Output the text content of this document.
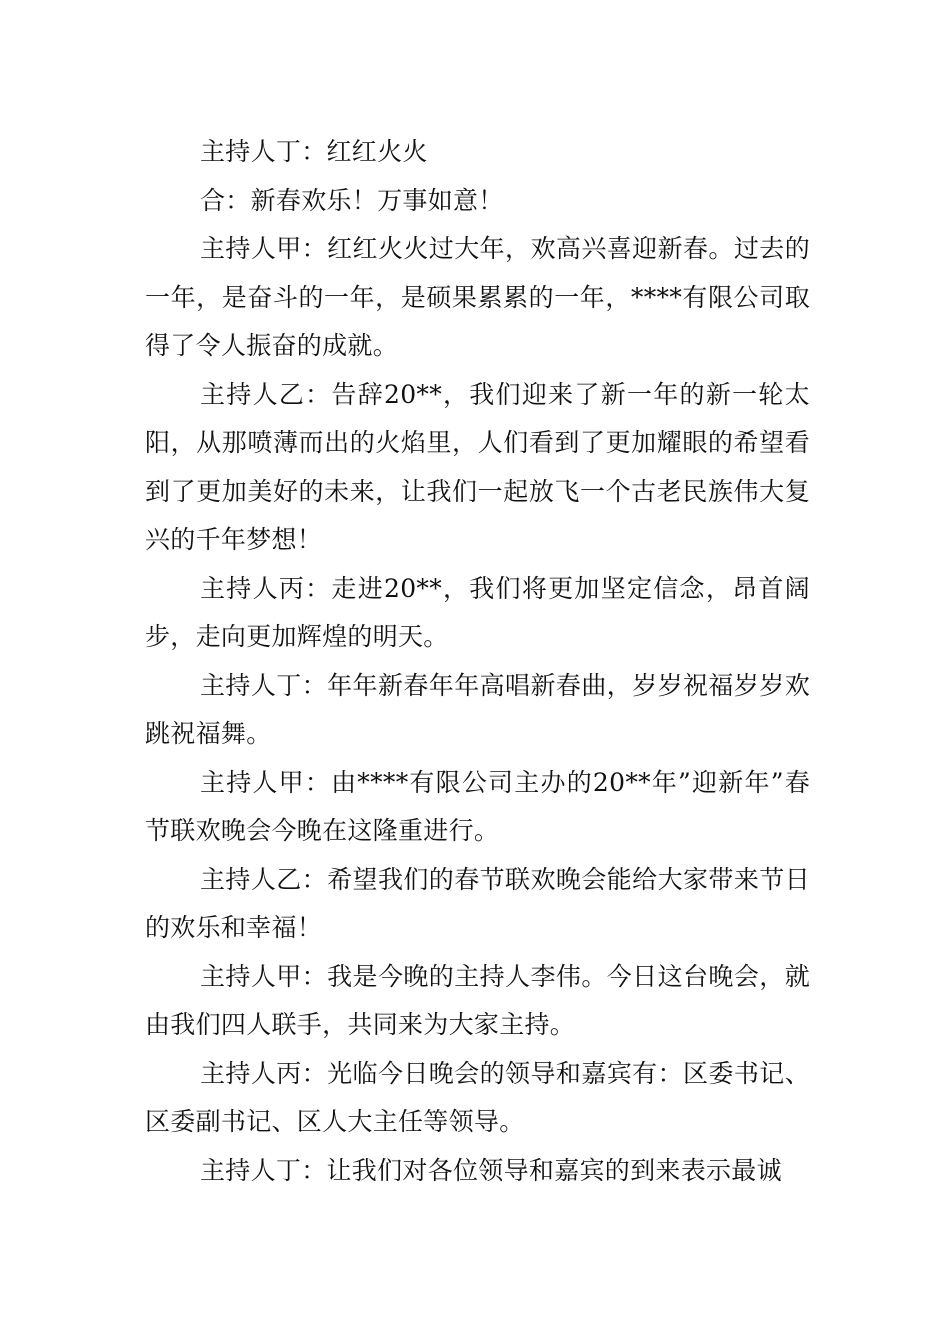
主持人丁：红红火火

合：新春欢乐！万事如意！

主持人甲：红红火火过大年，欢高兴喜迎新春。过去的一年，是奋斗的一年，是硕果累累的一年，****有限公司取得了令人振奋的成就。

主持人乙：告辞20**，我们迎来了新一年的新一轮太阳，从那喷薄而出的火焰里，人们看到了更加耀眼的希望看到了更加美好的未来，让我们一起放飞一个古老民族伟大复兴的千年梦想！

主持人丙：走进20**，我们将更加坚定信念，昂首阔步，走向更加辉煌的明天。

主持人丁：年年新春年年高唱新春曲，岁岁祝福岁岁欢跳祝福舞。

主持人甲：由****有限公司主办的20**年”迎新年”春节联欢晚会今晚在这隆重进行。

主持人乙：希望我们的春节联欢晚会能给大家带来节日的欢乐和幸福！

主持人甲：我是今晚的主持人李伟。今日这台晚会，就由我们四人联手，共同来为大家主持。

主持人丙：光临今日晚会的领导和嘉宾有：区委书记、区委副书记、区人大主任等领导。

主持人丁：让我们对各位领导和嘉宾的到来表示最诚
